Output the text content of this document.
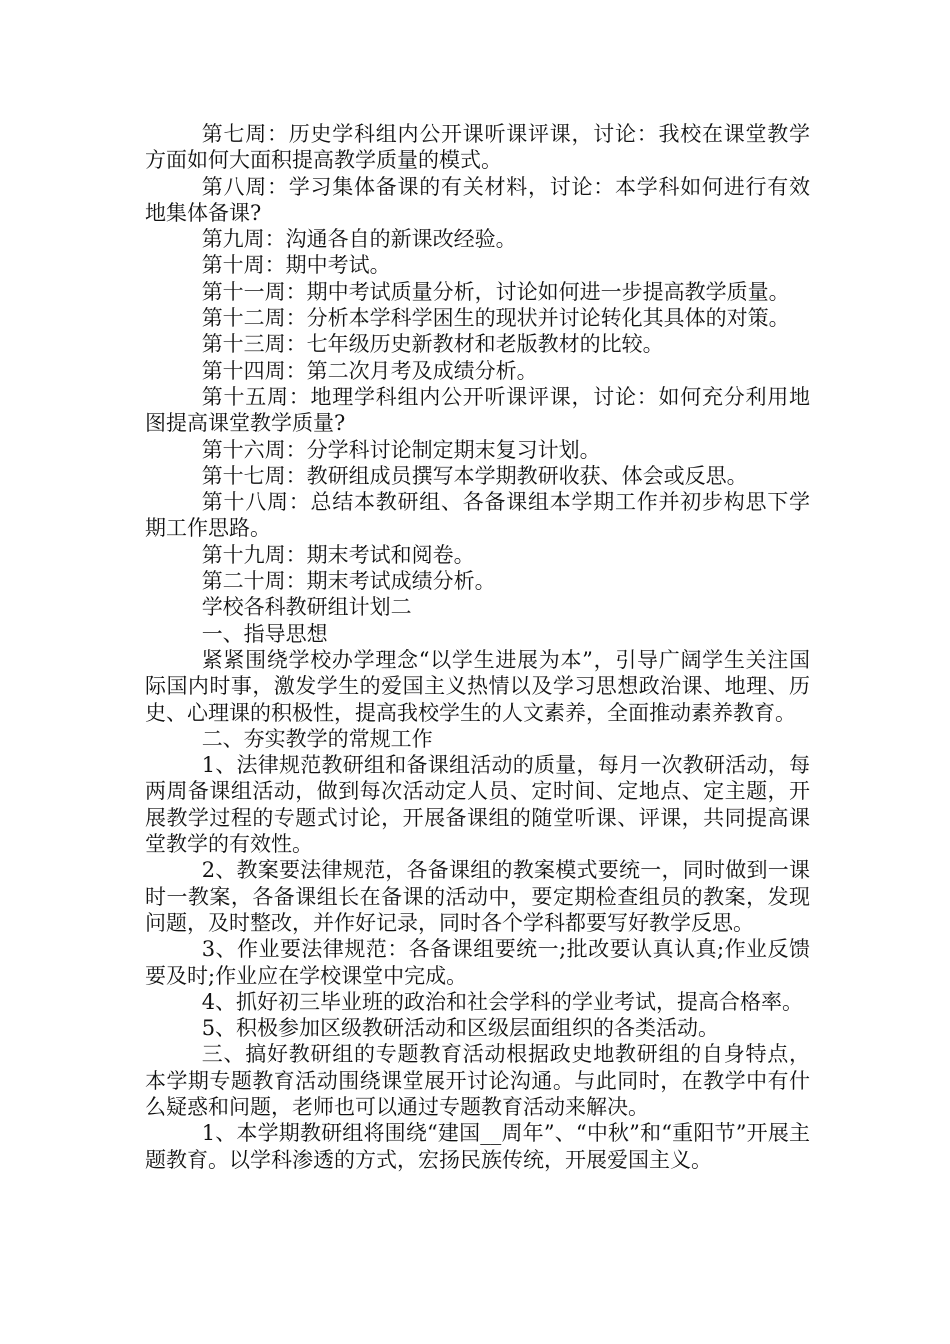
第七周：历史学科组内公开课听课评课，讨论：我校在课堂教学方面如何大面积提高教学质量的模式。

第八周：学习集体备课的有关材料，讨论：本学科如何进行有效地集体备课?

第九周：沟通各自的新课改经验。

第十周：期中考试。

第十一周：期中考试质量分析，讨论如何进一步提高教学质量。

第十二周：分析本学科学困生的现状并讨论转化其具体的对策。

第十三周：七年级历史新教材和老版教材的比较。

第十四周：第二次月考及成绩分析。

第十五周：地理学科组内公开听课评课，讨论：如何充分利用地图提高课堂教学质量?

第十六周：分学科讨论制定期末复习计划。

第十七周：教研组成员撰写本学期教研收获、体会或反思。

第十八周：总结本教研组、各备课组本学期工作并初步构思下学期工作思路。

第十九周：期末考试和阅卷。

第二十周：期末考试成绩分析。

学校各科教研组计划二

一、指导思想

紧紧围绕学校办学理念“以学生进展为本”，引导广阔学生关注国际国内时事，激发学生的爱国主义热情以及学习思想政治课、地理、历史、心理课的积极性，提高我校学生的人文素养，全面推动素养教育。

二、夯实教学的常规工作

1、法律规范教研组和备课组活动的质量，每月一次教研活动，每两周备课组活动，做到每次活动定人员、定时间、定地点、定主题，开展教学过程的专题式讨论，开展备课组的随堂听课、评课，共同提高课堂教学的有效性。

2、教案要法律规范，各备课组的教案模式要统一，同时做到一课时一教案，各备课组长在备课的活动中，要定期检查组员的教案，发现问题，及时整改，并作好记录，同时各个学科都要写好教学反思。

3、作业要法律规范：各备课组要统一;批改要认真认真;作业反馈要及时;作业应在学校课堂中完成。

4、抓好初三毕业班的政治和社会学科的学业考试，提高合格率。

5、积极参加区级教研活动和区级层面组织的各类活动。

三、搞好教研组的专题教育活动根据政史地教研组的自身特点，本学期专题教育活动围绕课堂展开讨论沟通。与此同时，在教学中有什么疑惑和问题，老师也可以通过专题教育活动来解决。

1、本学期教研组将围绕“建国__周年”、“中秋”和“重阳节”开展主题教育。以学科渗透的方式，宏扬民族传统，开展爱国主义。
